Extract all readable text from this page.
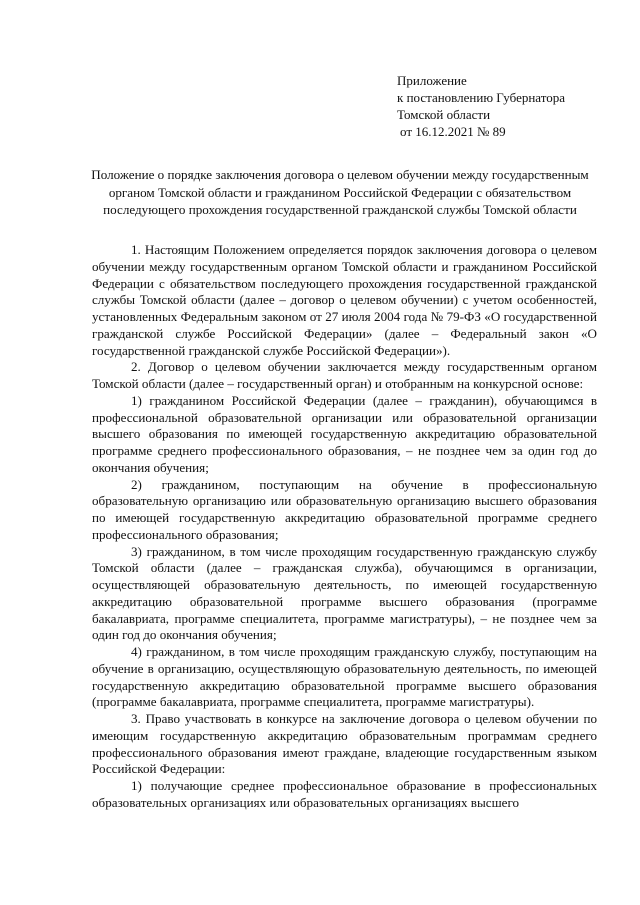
Приложение
к постановлению Губернатора
Томской области
от 16.12.2021 № 89
Положение о порядке заключения договора о целевом обучении между государственным органом Томской области и гражданином Российской Федерации с обязательством последующего прохождения государственной гражданской службы Томской области

1. Настоящим Положением определяется порядок заключения договора о целевом обучении между государственным органом Томской области и гражданином Российской Федерации с обязательством последующего прохождения государственной гражданской службы Томской области (далее – договор о целевом обучении) с учетом особенностей, установленных Федеральным законом от 27 июля 2004 года № 79-ФЗ «О государственной гражданской службе Российской Федерации» (далее – Федеральный закон «О государственной гражданской службе Российской Федерации»).

2. Договор о целевом обучении заключается между государственным органом Томской области (далее – государственный орган) и отобранным на конкурсной основе:

1) гражданином Российской Федерации (далее – гражданин), обучающимся в профессиональной образовательной организации или образовательной организации высшего образования по имеющей государственную аккредитацию образовательной программе среднего профессионального образования, – не позднее чем за один год до окончания обучения;

2) гражданином, поступающим на обучение в профессиональную образовательную организацию или образовательную организацию высшего образования по имеющей государственную аккредитацию образовательной программе среднего профессионального образования;

3) гражданином, в том числе проходящим государственную гражданскую службу Томской области (далее – гражданская служба), обучающимся в организации, осуществляющей образовательную деятельность, по имеющей государственную аккредитацию образовательной программе высшего образования (программе бакалавриата, программе специалитета, программе магистратуры), – не позднее чем за один год до окончания обучения;

4) гражданином, в том числе проходящим гражданскую службу, поступающим на обучение в организацию, осуществляющую образовательную деятельность, по имеющей государственную аккредитацию образовательной программе высшего образования (программе бакалавриата, программе специалитета, программе магистратуры).

3. Право участвовать в конкурсе на заключение договора о целевом обучении по имеющим государственную аккредитацию образовательным программам среднего профессионального образования имеют граждане, владеющие государственным языком Российской Федерации:

1) получающие среднее профессиональное образование в профессиональных образовательных организациях или образовательных организациях высшего
